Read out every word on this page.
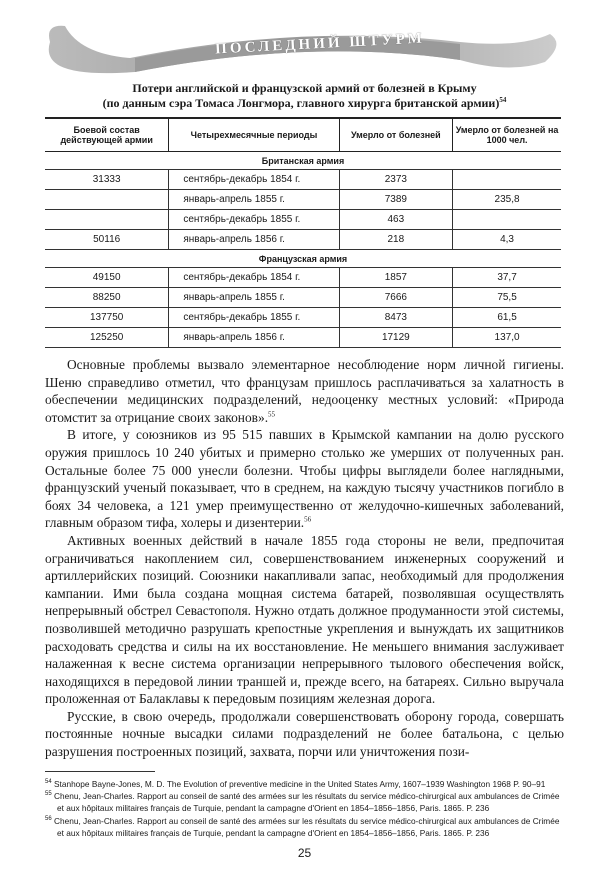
ПОСЛЕДНИЙ ШТУРМ
Потери английской и французской армий от болезней в Крыму
(по данным сэра Томаса Лонгмора, главного хирурга британской армии)$^{54}$
Боевой состав действующей армии	Четырехмесячные периоды	Умерло от болезней	Умерло от болезней на 1000 чел.
Британская армия			
31333	сентябрь-декабрь 1854 г.	2373	
	январь-апрель 1855 г.	7389	235,8
	сентябрь-декабрь 1855 г.	463	
50116	январь-апрель 1856 г.	218	4,3
Французская армия			
49150	сентябрь-декабрь 1854 г.	1857	37,7
88250	январь-апрель 1855 г.	7666	75,5
137750	сентябрь-декабрь 1855 г.	8473	61,5
125250	январь-апрель 1856 г.	17129	137,0

Основные проблемы вызвало элементарное несоблюдение норм личной гигиены. Шеню справедливо отметил, что французам пришлось расплачиваться за халатность в обеспечении медицинских подразделений, недооценку местных условий: «Природа отомстит за отрицание своих законов».$^{55}$

В итоге, у союзников из 95 515 павших в Крымской кампании на долю русского оружия пришлось 10 240 убитых и примерно столько же умерших от полученных ран. Остальные более 75 000 унесли болезни. Чтобы цифры выглядели более наглядными, французский ученый показывает, что в среднем, на каждую тысячу участников погибло в боях 34 человека, а 121 умер преимущественно от желудочно-кишечных заболеваний, главным образом тифа, холеры и дизентерии.$^{56}$

Активных военных действий в начале 1855 года стороны не вели, предпочитая ограничиваться накоплением сил, совершенствованием инженерных сооружений и артиллерийских позиций. Союзники накапливали запас, необходимый для продолжения кампании. Ими была создана мощная система батарей, позволявшая осуществлять непрерывный обстрел Севастополя. Нужно отдать должное продуманности этой системы, позволившей методично разрушать крепостные укрепления и вынуждать их защитников расходовать средства и силы на их восстановление. Не меньшего внимания заслуживает налаженная к весне система организации непрерывного тылового обеспечения войск, находящихся в передовой линии траншей и, прежде всего, на батареях. Сильно выручала проложенная от Балаклавы к передовым позициям железная дорога.

Русские, в свою очередь, продолжали совершенствовать оборону города, совершать постоянные ночные высадки силами подразделений не более батальона, с целью разрушения построенных позиций, захвата, порчи или уничтожения пози-

$^{54}$ Stanhope Bayne-Jones, M. D. The Evolution of preventive medicine in the United States Army, 1607–1939 Washington 1968 P. 90–91
$^{55}$ Chenu, Jean-Charles. Rapport au conseil de santé des armées sur les résultats du service médico-chirurgical aux ambulances de Crimée et aux hôpitaux militaires français de Turquie, pendant la campagne d'Orient en 1854–1856–1856, Paris. 1865. P. 236
$^{56}$ Chenu, Jean-Charles. Rapport au conseil de santé des armées sur les résultats du service médico-chirurgical aux ambulances de Crimée et aux hôpitaux militaires français de Turquie, pendant la campagne d'Orient en 1854–1856–1856, Paris. 1865. P. 236
25
